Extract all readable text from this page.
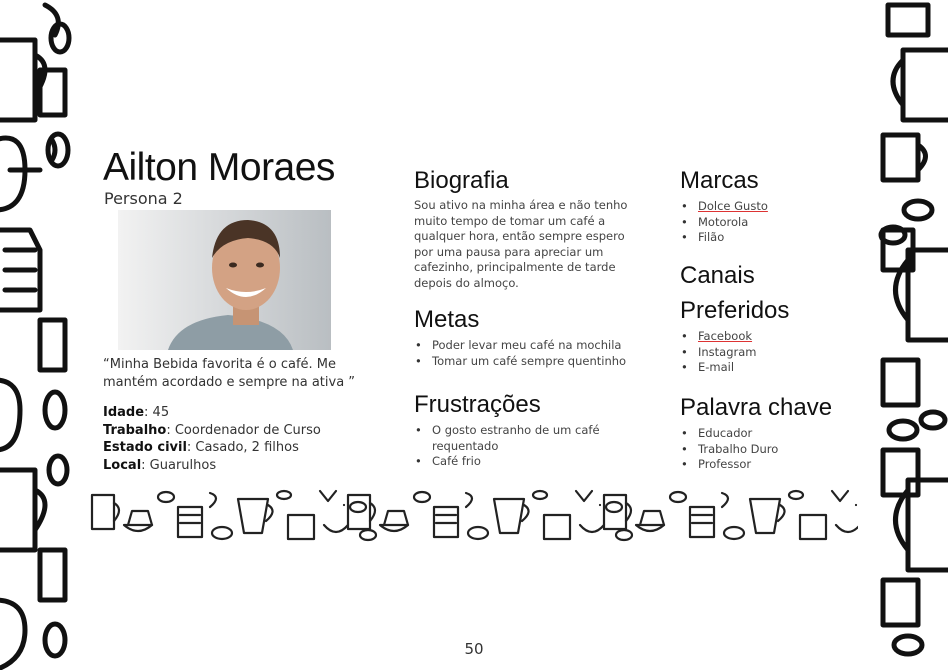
Ailton Moraes
Persona 2
“Minha Bebida favorita é o café. Me mantém acordado e sempre na ativa ”
Idade: 45
Trabalho: Coordenador de Curso
Estado civil: Casado, 2 filhos
Local: Guarulhos
Biografia
Sou ativo na minha área e não tenho muito tempo de tomar um café a qualquer hora, então sempre espero por uma pausa para apreciar um cafezinho, principalmente de tarde depois do almoço.
Metas
• Poder levar meu café na mochila
• Tomar um café sempre quentinho
Frustrações
• O gosto estranho de um café requentado
• Café frio
Marcas
• Dolce Gusto
• Motorola
• Filão
Canais
Preferidos
• Facebook
• Instagram
• E-mail
Palavra chave
• Educador
• Trabalho Duro
• Professor
50
